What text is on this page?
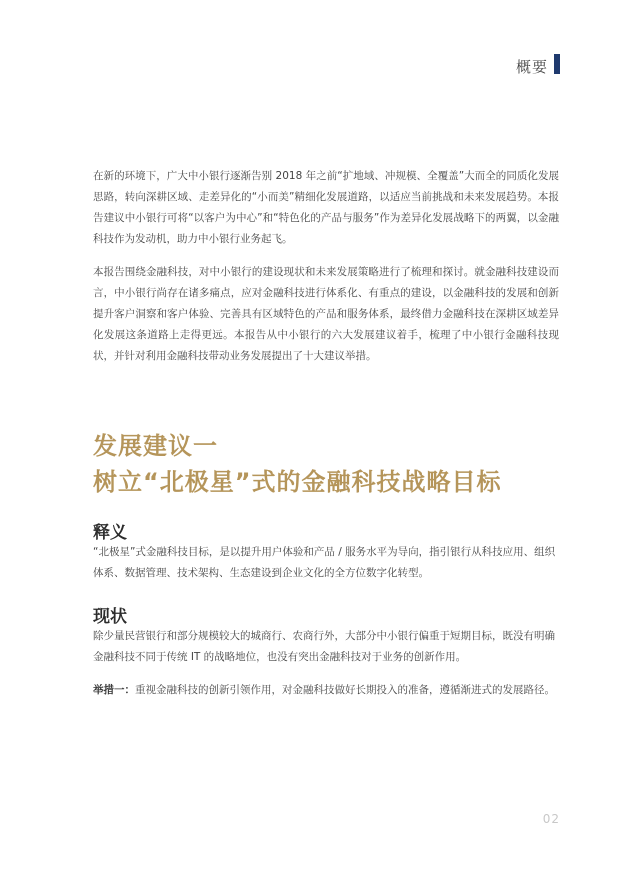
概要

在新的环境下，广大中小银行逐渐告别 2018 年之前“扩地域、冲规模、全覆盖”大而全的同质化发展思路，转向深耕区域、走差异化的“小而美”精细化发展道路，以适应当前挑战和未来发展趋势。本报告建议中小银行可将“以客户为中心”和“特色化的产品与服务”作为差异化发展战略下的两翼，以金融科技作为发动机，助力中小银行业务起飞。

本报告围绕金融科技，对中小银行的建设现状和未来发展策略进行了梳理和探讨。就金融科技建设而言，中小银行尚存在诸多痛点，应对金融科技进行体系化、有重点的建设，以金融科技的发展和创新提升客户洞察和客户体验、完善具有区域特色的产品和服务体系，最终借力金融科技在深耕区域差异化发展这条道路上走得更远。本报告从中小银行的六大发展建议着手，梳理了中小银行金融科技现状，并针对利用金融科技带动业务发展提出了十大建议举措。

发展建议一
树立“北极星”式的金融科技战略目标
释义
“北极星”式金融科技目标，是以提升用户体验和产品 / 服务水平为导向，指引银行从科技应用、组织体系、数据管理、技术架构、生态建设到企业文化的全方位数字化转型。
现状
除少量民营银行和部分规模较大的城商行、农商行外，大部分中小银行偏重于短期目标，既没有明确金融科技不同于传统 IT 的战略地位，也没有突出金融科技对于业务的创新作用。
举措一：重视金融科技的创新引领作用，对金融科技做好长期投入的准备，遵循渐进式的发展路径。
02
